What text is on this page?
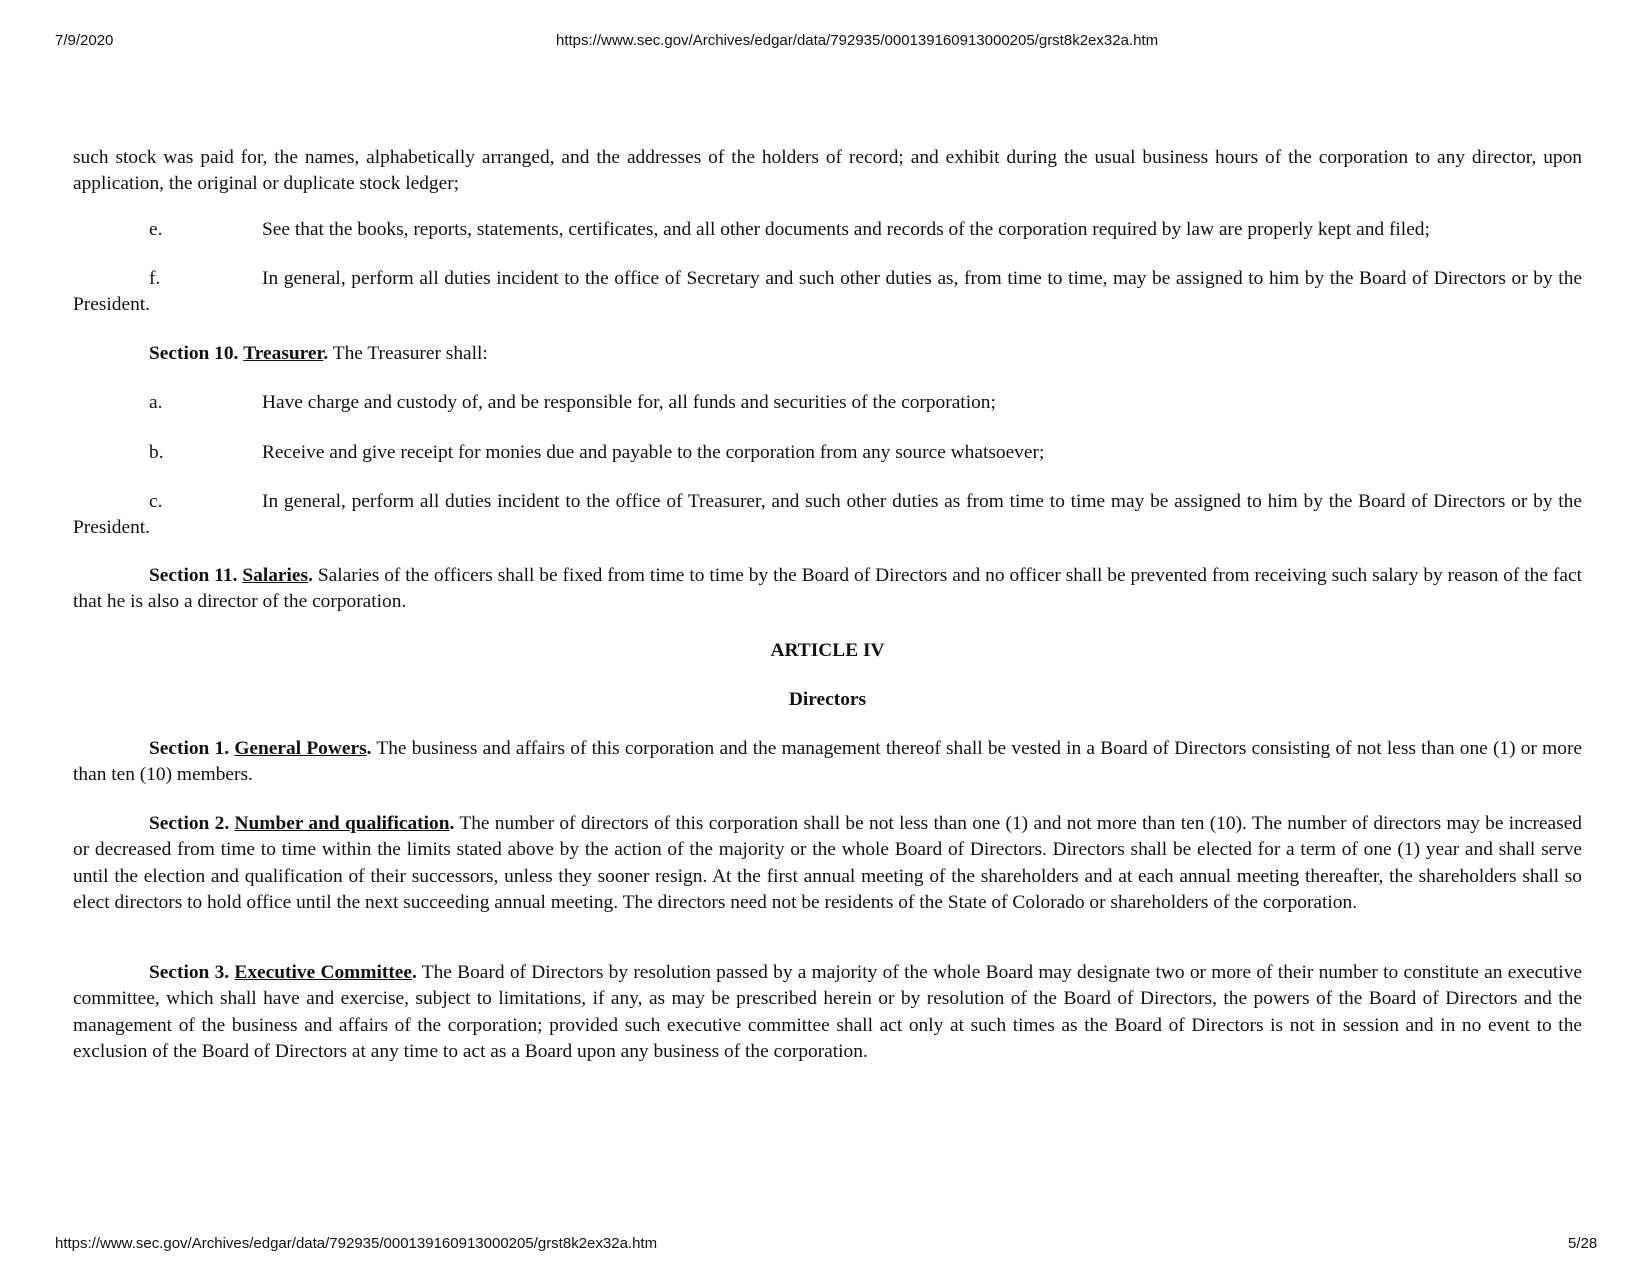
7/9/2020	https://www.sec.gov/Archives/edgar/data/792935/000139160913000205/grst8k2ex32a.htm

such stock was paid for, the names, alphabetically arranged, and the addresses of the holders of record; and exhibit during the usual business hours of the corporation to any director, upon application, the original or duplicate stock ledger;

e.	See that the books, reports, statements, certificates, and all other documents and records of the corporation required by law are properly kept and filed;

f.	In general, perform all duties incident to the office of Secretary and such other duties as, from time to time, may be assigned to him by the Board of Directors or by the President.

Section 10. Treasurer. The Treasurer shall:

a.	Have charge and custody of, and be responsible for, all funds and securities of the corporation;

b.	Receive and give receipt for monies due and payable to the corporation from any source whatsoever;

c.	In general, perform all duties incident to the office of Treasurer, and such other duties as from time to time may be assigned to him by the Board of Directors or by the President.

Section 11. Salaries. Salaries of the officers shall be fixed from time to time by the Board of Directors and no officer shall be prevented from receiving such salary by reason of the fact that he is also a director of the corporation.

ARTICLE IV

Directors

Section 1. General Powers. The business and affairs of this corporation and the management thereof shall be vested in a Board of Directors consisting of not less than one (1) or more than ten (10) members.

Section 2. Number and qualification. The number of directors of this corporation shall be not less than one (1) and not more than ten (10). The number of directors may be increased or decreased from time to time within the limits stated above by the action of the majority or the whole Board of Directors. Directors shall be elected for a term of one (1) year and shall serve until the election and qualification of their successors, unless they sooner resign. At the first annual meeting of the shareholders and at each annual meeting thereafter, the shareholders shall so elect directors to hold office until the next succeeding annual meeting. The directors need not be residents of the State of Colorado or shareholders of the corporation.

Section 3. Executive Committee. The Board of Directors by resolution passed by a majority of the whole Board may designate two or more of their number to constitute an executive committee, which shall have and exercise, subject to limitations, if any, as may be prescribed herein or by resolution of the Board of Directors, the powers of the Board of Directors and the management of the business and affairs of the corporation; provided such executive committee shall act only at such times as the Board of Directors is not in session and in no event to the exclusion of the Board of Directors at any time to act as a Board upon any business of the corporation.

https://www.sec.gov/Archives/edgar/data/792935/000139160913000205/grst8k2ex32a.htm	5/28
